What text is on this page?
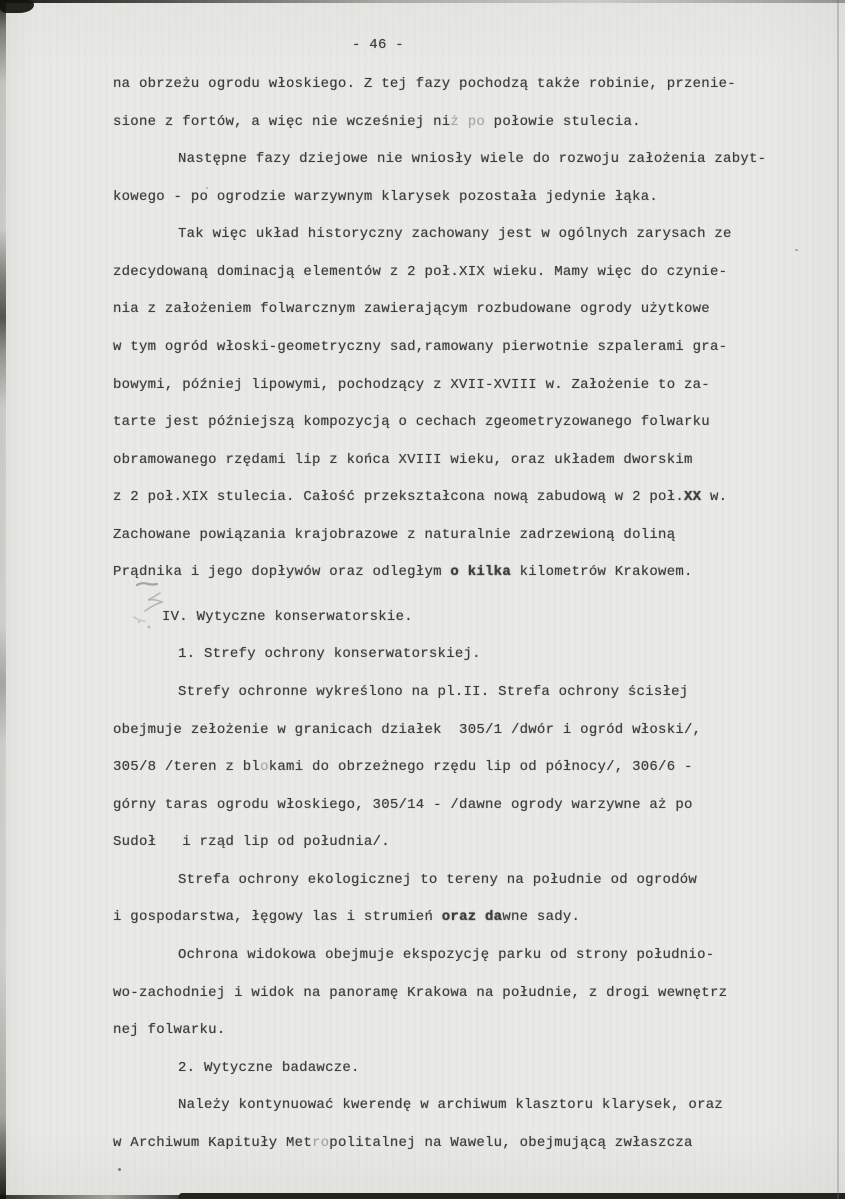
- 46 -
na obrzeżu ogrodu włoskiego. Z tej fazy pochodzą także robinie, przenie-
sione z fortów, a więc nie wcześniej niż po połowie stulecia.
Następne fazy dziejowe nie wniosły wiele do rozwoju założenia zabyt-
kowego - po ogrodzie warzywnym klarysek pozostała jedynie łąka.
Tak więc układ historyczny zachowany jest w ogólnych zarysach ze
zdecydowaną dominacją elementów z 2 poł.XIX wieku. Mamy więc do czynie-
nia z założeniem folwarcznym zawierającym rozbudowane ogrody użytkowe
w tym ogród włoski-geometryczny sad,ramowany pierwotnie szpalerami gra-
bowymi, później lipowymi, pochodzący z XVII-XVIII w. Założenie to za-
tarte jest późniejszą kompozycją o cechach zgeometryzowanego folwarku
obramowanego rzędami lip z końca XVIII wieku, oraz układem dworskim
z 2 poł.XIX stulecia. Całość przekształcona nową zabudową w 2 poł.XX w.
Zachowane powiązania krajobrazowe z naturalnie zadrzewioną doliną
Prądnika i jego dopływów oraz odległym o kilka kilometrów Krakowem.
IV. Wytyczne konserwatorskie.
1. Strefy ochrony konserwatorskiej.
Strefy ochronne wykreślono na pl.II. Strefa ochrony ścisłej
obejmuje zełożenie w granicach działek  305/1 /dwór i ogród włoski/,
305/8 /teren z blokami do obrzeżnego rzędu lip od północy/, 306/6 -
górny taras ogrodu włoskiego, 305/14 - /dawne ogrody warzywne aż po
Sudoł   i rząd lip od południa/.
Strefa ochrony ekologicznej to tereny na południe od ogrodów
i gospodarstwa, łęgowy las i strumień oraz dawne sady.
Ochrona widokowa obejmuje ekspozycję parku od strony południo-
wo-zachodniej i widok na panoramę Krakowa na południe, z drogi wewnętrz
nej folwarku.
2. Wytyczne badawcze.
Należy kontynuować kwerendę w archiwum klasztoru klarysek, oraz
w Archiwum Kapituły Metropolitalnej na Wawelu, obejmującą zwłaszcza
